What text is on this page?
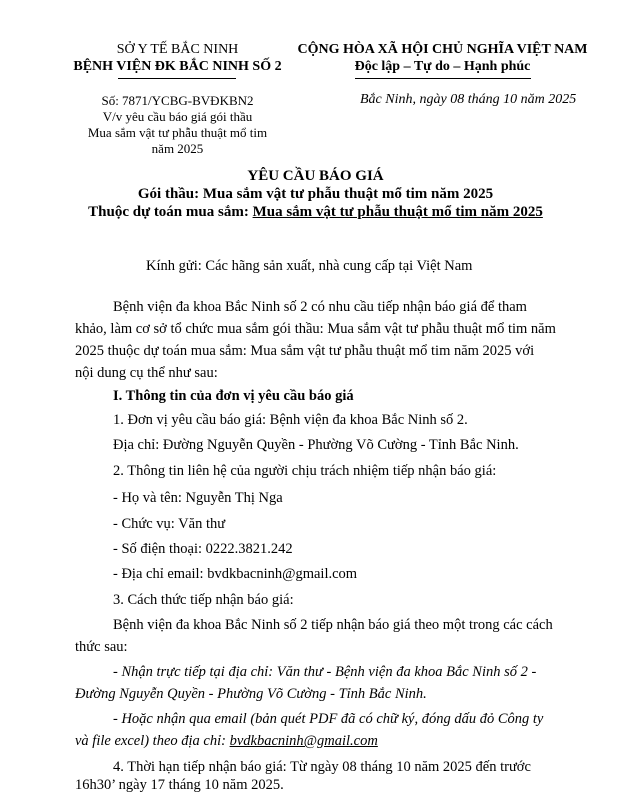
SỞ Y TẾ BẮC NINH
BỆNH VIỆN ĐK BẮC NINH SỐ 2
Số: 7871/YCBG-BVĐKBN2
V/v yêu cầu báo giá gói thầu
Mua sắm vật tư phẫu thuật mổ tim
năm 2025
CỘNG HÒA XÃ HỘI CHỦ NGHĨA VIỆT NAM
Độc lập – Tự do – Hạnh phúc
Bắc Ninh, ngày 08 tháng 10 năm 2025
YÊU CẦU BÁO GIÁ
Gói thầu: Mua sắm vật tư phẫu thuật mổ tim năm 2025
Thuộc dự toán mua sắm: Mua sắm vật tư phẫu thuật mổ tim năm 2025
Kính gửi: Các hãng sản xuất, nhà cung cấp tại Việt Nam
Bệnh viện đa khoa Bắc Ninh số 2 có nhu cầu tiếp nhận báo giá để tham
khảo, làm cơ sở tổ chức mua sắm gói thầu: Mua sắm vật tư phẫu thuật mổ tim năm
2025 thuộc dự toán mua sắm: Mua sắm vật tư phẫu thuật mổ tim năm 2025 với
nội dung cụ thể như sau:
I. Thông tin của đơn vị yêu cầu báo giá
1. Đơn vị yêu cầu báo giá: Bệnh viện đa khoa Bắc Ninh số 2.
Địa chỉ: Đường Nguyễn Quyền - Phường Võ Cường - Tỉnh Bắc Ninh.
2. Thông tin liên hệ của người chịu trách nhiệm tiếp nhận báo giá:
- Họ và tên: Nguyễn Thị Nga
- Chức vụ: Văn thư
- Số điện thoại: 0222.3821.242
- Địa chỉ email: bvdkbacninh@gmail.com
3. Cách thức tiếp nhận báo giá:
Bệnh viện đa khoa Bắc Ninh số 2 tiếp nhận báo giá theo một trong các cách
thức sau:
- Nhận trực tiếp tại địa chỉ: Văn thư - Bệnh viện đa khoa Bắc Ninh số 2 -
Đường Nguyễn Quyền - Phường Võ Cường - Tỉnh Bắc Ninh.
- Hoặc nhận qua email (bản quét PDF đã có chữ ký, đóng dấu đỏ Công ty
và file excel) theo địa chỉ: bvdkbacninh@gmail.com
4. Thời hạn tiếp nhận báo giá: Từ ngày 08 tháng 10 năm 2025 đến trước
16h30’ ngày 17 tháng 10 năm 2025.
